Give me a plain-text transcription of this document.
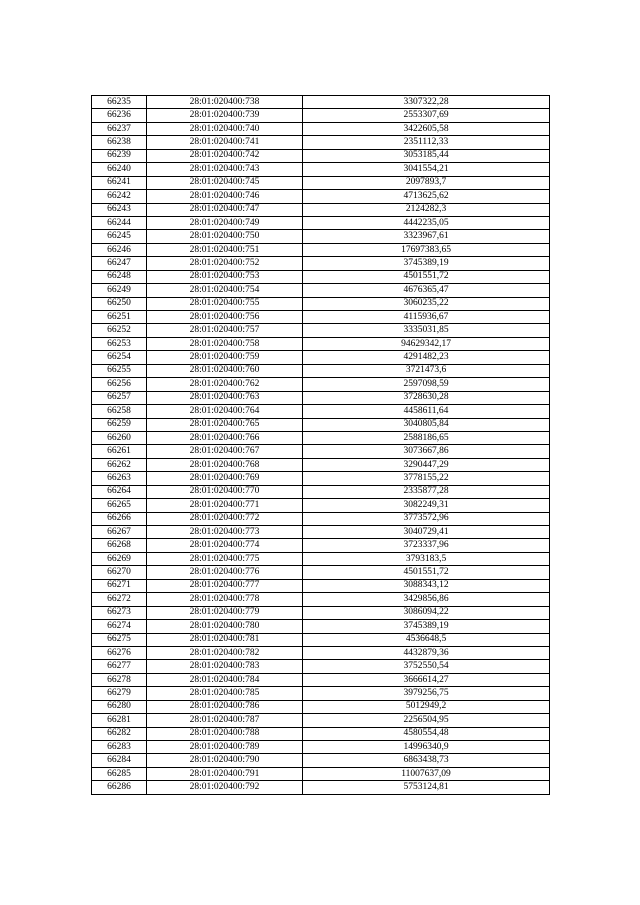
66235	28:01:020400:738	3307322,28
66236	28:01:020400:739	2553307,69
66237	28:01:020400:740	3422605,58
66238	28:01:020400:741	2351112,33
66239	28:01:020400:742	3053185,44
66240	28:01:020400:743	3041554,21
66241	28:01:020400:745	2097893,7
66242	28:01:020400:746	4713625,62
66243	28:01:020400:747	2124282,3
66244	28:01:020400:749	4442235,05
66245	28:01:020400:750	3323967,61
66246	28:01:020400:751	17697383,65
66247	28:01:020400:752	3745389,19
66248	28:01:020400:753	4501551,72
66249	28:01:020400:754	4676365,47
66250	28:01:020400:755	3060235,22
66251	28:01:020400:756	4115936,67
66252	28:01:020400:757	3335031,85
66253	28:01:020400:758	94629342,17
66254	28:01:020400:759	4291482,23
66255	28:01:020400:760	3721473,6
66256	28:01:020400:762	2597098,59
66257	28:01:020400:763	3728630,28
66258	28:01:020400:764	4458611,64
66259	28:01:020400:765	3040805,84
66260	28:01:020400:766	2588186,65
66261	28:01:020400:767	3073667,86
66262	28:01:020400:768	3290447,29
66263	28:01:020400:769	3778155,22
66264	28:01:020400:770	2335877,28
66265	28:01:020400:771	3082249,31
66266	28:01:020400:772	3773572,96
66267	28:01:020400:773	3040729,41
66268	28:01:020400:774	3723337,96
66269	28:01:020400:775	3793183,5
66270	28:01:020400:776	4501551,72
66271	28:01:020400:777	3088343,12
66272	28:01:020400:778	3429856,86
66273	28:01:020400:779	3086094,22
66274	28:01:020400:780	3745389,19
66275	28:01:020400:781	4536648,5
66276	28:01:020400:782	4432879,36
66277	28:01:020400:783	3752550,54
66278	28:01:020400:784	3666614,27
66279	28:01:020400:785	3979256,75
66280	28:01:020400:786	5012949,2
66281	28:01:020400:787	2256504,95
66282	28:01:020400:788	4580554,48
66283	28:01:020400:789	14996340,9
66284	28:01:020400:790	6863438,73
66285	28:01:020400:791	11007637,09
66286	28:01:020400:792	5753124,81
